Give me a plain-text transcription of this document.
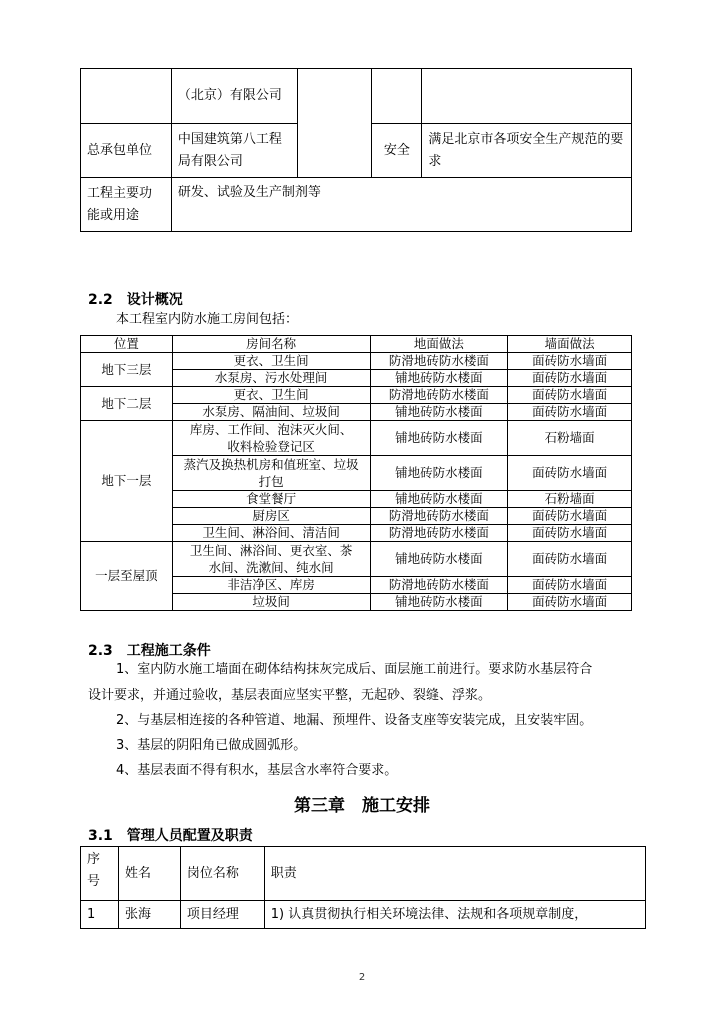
	（北京）有限公司			
总承包单位	中国建筑第八工程局有限公司		安全	满足北京市各项安全生产规范的要求
工程主要功能或用途	研发、试验及生产制剂等			
2.2　设计概况
本工程室内防水施工房间包括：
位置	房间名称	地面做法	墙面做法
地下三层	更衣、卫生间	防滑地砖防水楼面	面砖防水墙面
	水泵房、污水处理间	铺地砖防水楼面	面砖防水墙面
地下二层	更衣、卫生间	防滑地砖防水楼面	面砖防水墙面
	水泵房、隔油间、垃圾间	铺地砖防水楼面	面砖防水墙面
地下一层	库房、工作间、泡沫灭火间、收料检验登记区	铺地砖防水楼面	石粉墙面
	蒸汽及换热机房和值班室、垃圾打包	铺地砖防水楼面	面砖防水墙面
	食堂餐厅	铺地砖防水楼面	石粉墙面
	厨房区	防滑地砖防水楼面	面砖防水墙面
	卫生间、淋浴间、清洁间	防滑地砖防水楼面	面砖防水墙面
一层至屋顶	卫生间、淋浴间、更衣室、茶水间、洗漱间、纯水间	铺地砖防水楼面	面砖防水墙面
	非洁净区、库房	防滑地砖防水楼面	面砖防水墙面
	垃圾间	铺地砖防水楼面	面砖防水墙面
2.3　工程施工条件
1、室内防水施工墙面在砌体结构抹灰完成后、面层施工前进行。要求防水基层符合
设计要求，并通过验收，基层表面应坚实平整，无起砂、裂缝、浮浆。
2、与基层相连接的各种管道、地漏、预埋件、设备支座等安装完成，且安装牢固。
3、基层的阴阳角已做成圆弧形。
4、基层表面不得有积水，基层含水率符合要求。
第三章　施工安排
3.1　管理人员配置及职责
序号	姓名	岗位名称	职责
1	张海	项目经理	1) 认真贯彻执行相关环境法律、法规和各项规章制度，
2
